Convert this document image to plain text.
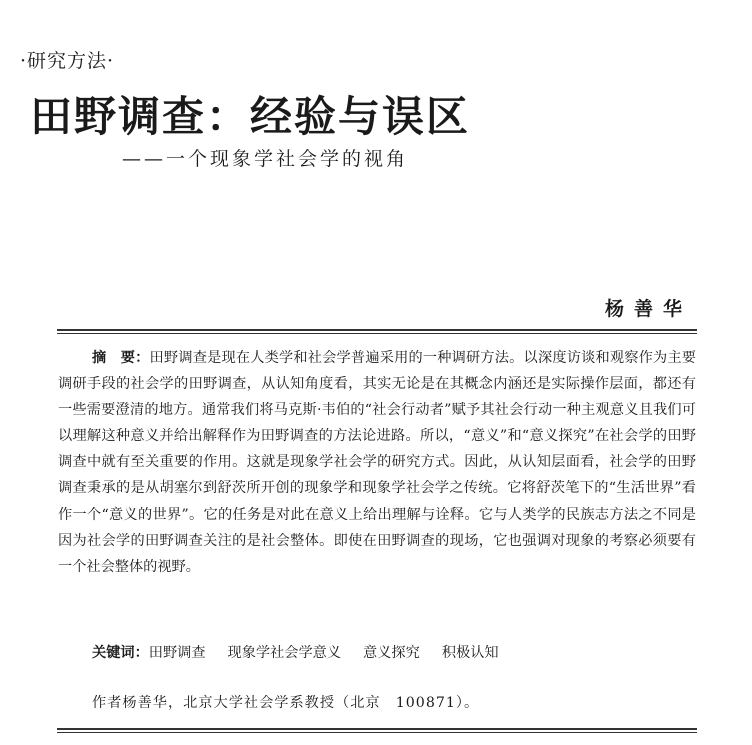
·研究方法·
田野调查：经验与误区
——一个现象学社会学的视角
杨善华

摘　要：田野调查是现在人类学和社会学普遍采用的一种调研方法。以深度访谈和观察作为主要调研手段的社会学的田野调查，从认知角度看，其实无论是在其概念内涵还是实际操作层面，都还有一些需要澄清的地方。通常我们将马克斯·韦伯的“社会行动者”赋予其社会行动一种主观意义且我们可以理解这种意义并给出解释作为田野调查的方法论进路。所以，“意义”和“意义探究”在社会学的田野调查中就有至关重要的作用。这就是现象学社会学的研究方式。因此，从认知层面看，社会学的田野调查秉承的是从胡塞尔到舒茨所开创的现象学和现象学社会学之传统。它将舒茨笔下的“生活世界”看作一个“意义的世界”。它的任务是对此在意义上给出理解与诠释。它与人类学的民族志方法之不同是因为社会学的田野调查关注的是社会整体。即使在田野调查的现场，它也强调对现象的考察必须要有一个社会整体的视野。

关键词：田野调查 现象学社会学意义 意义探究 积极认知
作者杨善华，北京大学社会学系教授（北京　100871）。
